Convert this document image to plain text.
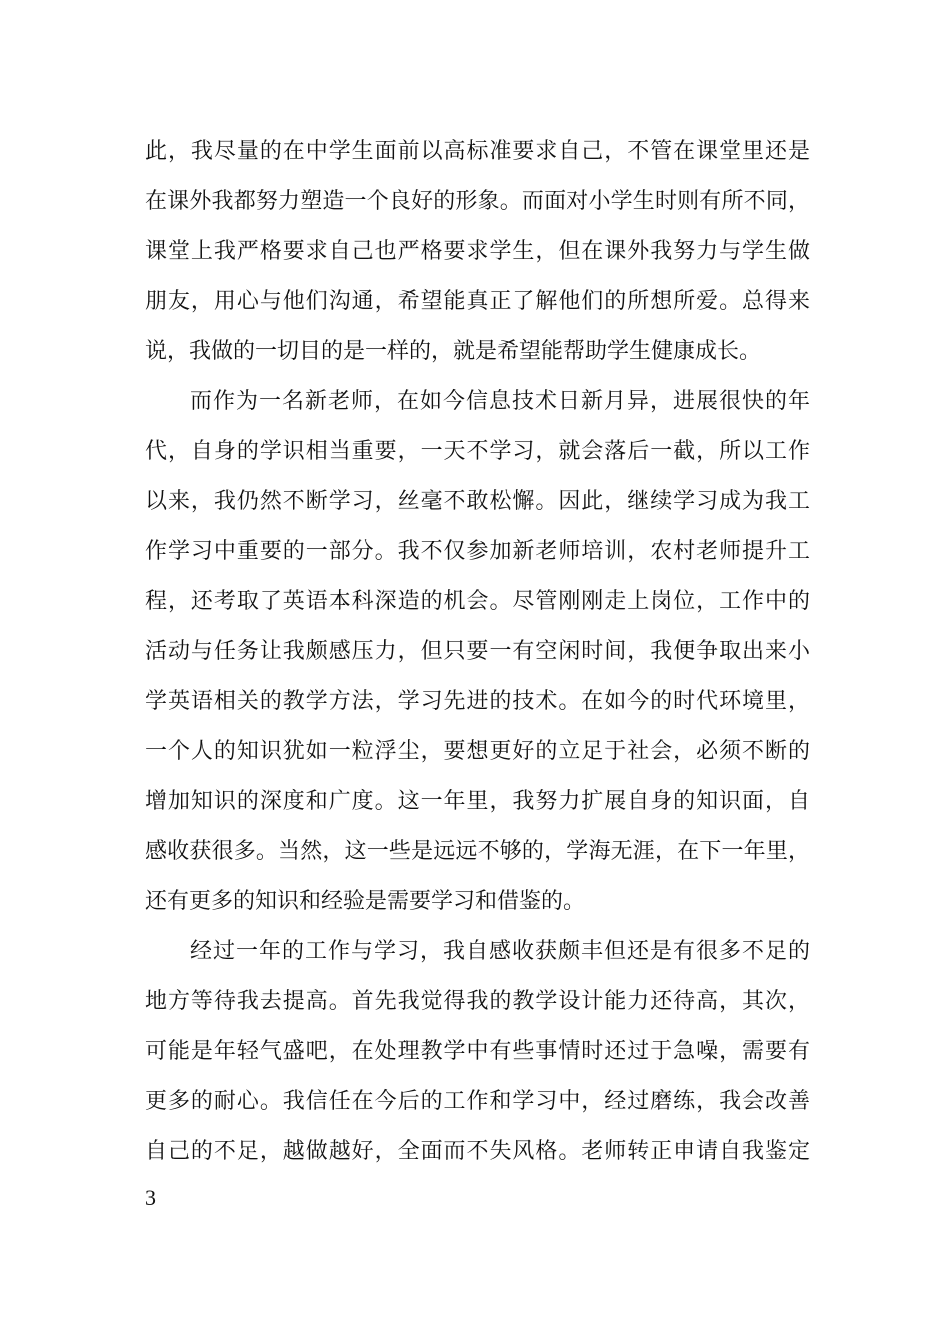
此，我尽量的在中学生面前以高标准要求自己，不管在课堂里还是
在课外我都努力塑造一个良好的形象。而面对小学生时则有所不同，
课堂上我严格要求自己也严格要求学生，但在课外我努力与学生做
朋友，用心与他们沟通，希望能真正了解他们的所想所爱。总得来
说，我做的一切目的是一样的，就是希望能帮助学生健康成长。
而作为一名新老师，在如今信息技术日新月异，进展很快的年
代，自身的学识相当重要，一天不学习，就会落后一截，所以工作
以来，我仍然不断学习，丝毫不敢松懈。因此，继续学习成为我工
作学习中重要的一部分。我不仅参加新老师培训，农村老师提升工
程，还考取了英语本科深造的机会。尽管刚刚走上岗位，工作中的
活动与任务让我颇感压力，但只要一有空闲时间，我便争取出来小
学英语相关的教学方法，学习先进的技术。在如今的时代环境里，
一个人的知识犹如一粒浮尘，要想更好的立足于社会，必须不断的
增加知识的深度和广度。这一年里，我努力扩展自身的知识面，自
感收获很多。当然，这一些是远远不够的，学海无涯，在下一年里，
还有更多的知识和经验是需要学习和借鉴的。
经过一年的工作与学习，我自感收获颇丰但还是有很多不足的
地方等待我去提高。首先我觉得我的教学设计能力还待高，其次，
可能是年轻气盛吧，在处理教学中有些事情时还过于急噪，需要有
更多的耐心。我信任在今后的工作和学习中，经过磨练，我会改善
自己的不足，越做越好，全面而不失风格。老师转正申请自我鉴定
3
